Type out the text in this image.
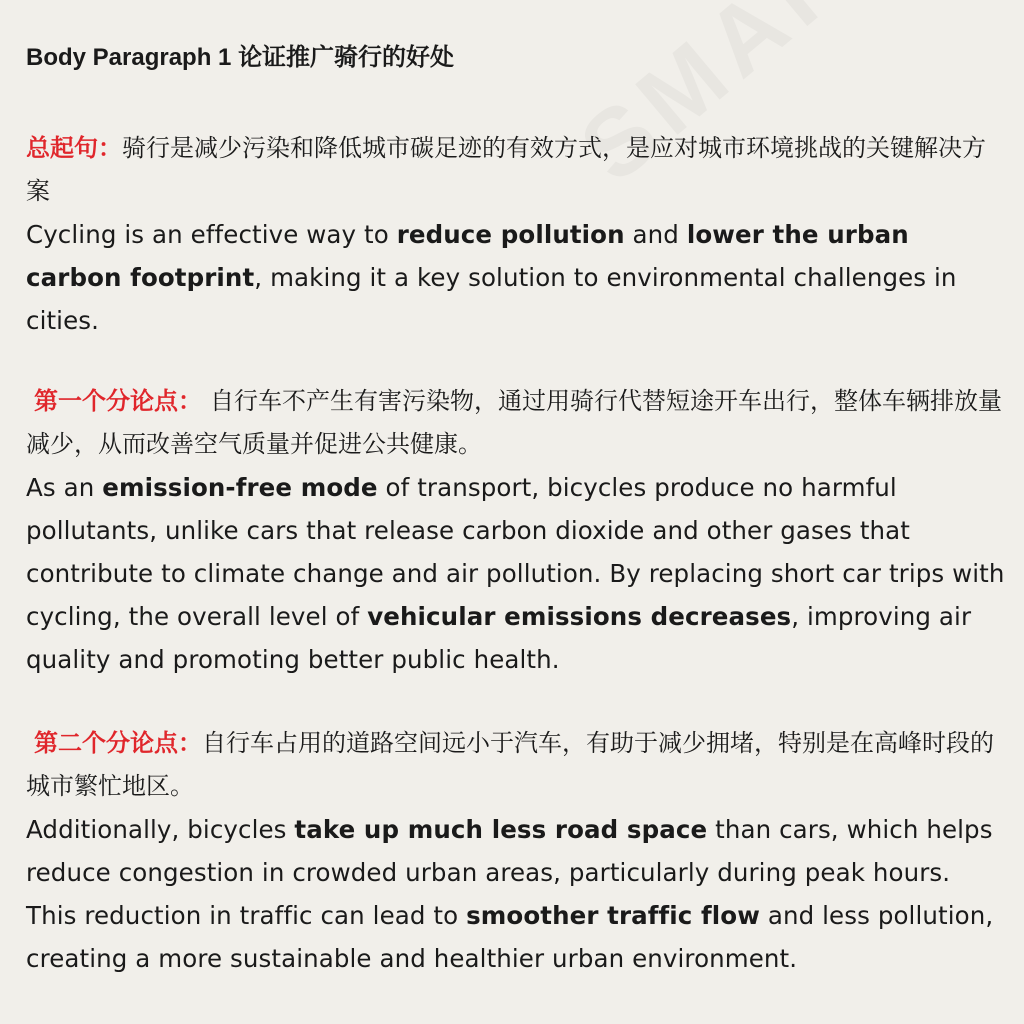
Body Paragraph 1 论证推广骑行的好处

总起句：骑行是减少污染和降低城市碳足迹的有效方式，是应对城市环境挑战的关键解决方案

Cycling is an effective way to reduce pollution and lower the urban carbon footprint, making it a key solution to environmental challenges in cities.

第一个分论点： 自行车不产生有害污染物，通过用骑行代替短途开车出行，整体车辆排放量减少，从而改善空气质量并促进公共健康。

As an emission-free mode of transport, bicycles produce no harmful pollutants, unlike cars that release carbon dioxide and other gases that contribute to climate change and air pollution. By replacing short car trips with cycling, the overall level of vehicular emissions decreases, improving air quality and promoting better public health.

第二个分论点：自行车占用的道路空间远小于汽车，有助于减少拥堵，特别是在高峰时段的城市繁忙地区。

Additionally, bicycles take up much less road space than cars, which helps reduce congestion in crowded urban areas, particularly during peak hours. This reduction in traffic can lead to smoother traffic flow and less pollution, creating a more sustainable and healthier urban environment.
